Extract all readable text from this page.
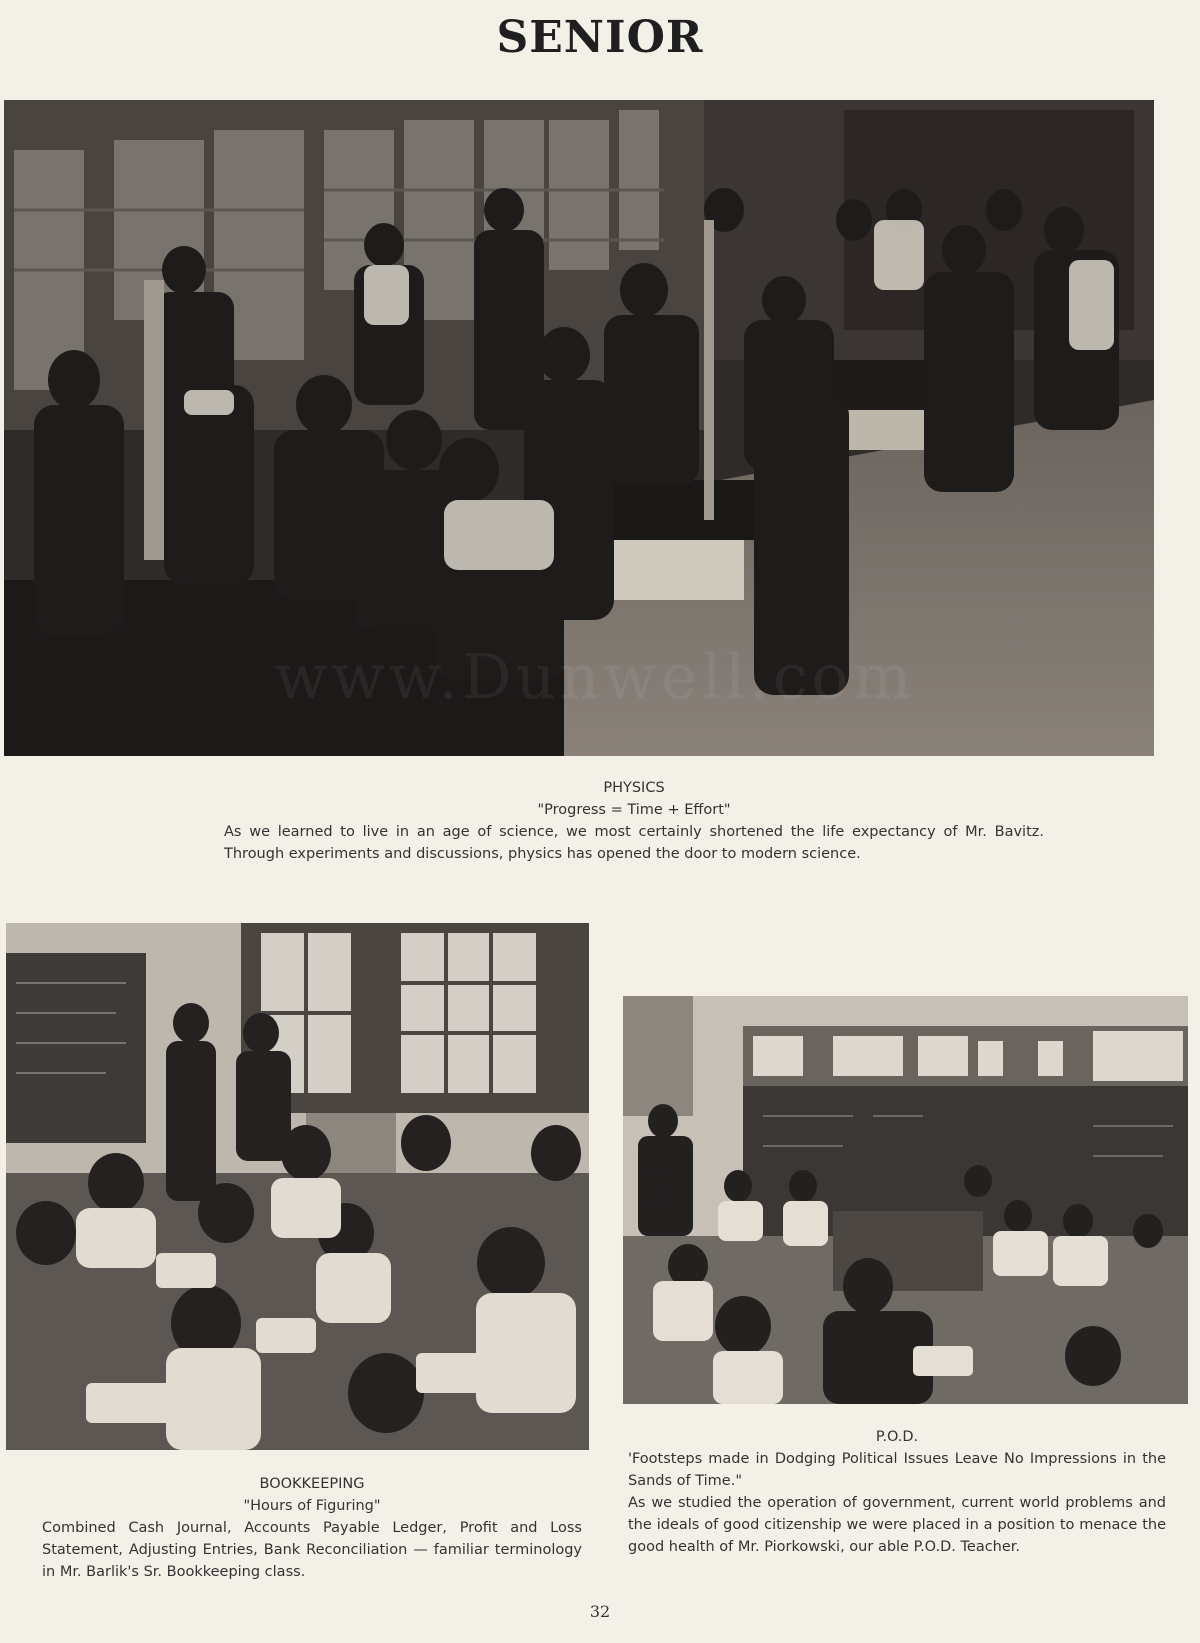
SENIOR
PHYSICS
"Progress = Time + Effort"
As we learned to live in an age of science, we most certainly shortened the life expectancy of Mr. Bavitz. Through experiments and discussions, physics has opened the door to modern science.
BOOKKEEPING
"Hours of Figuring"
Combined Cash Journal, Accounts Payable Ledger, Profit and Loss Statement, Adjusting Entries, Bank Reconciliation — familiar terminology in Mr. Barlik's Sr. Bookkeeping class.
P.O.D.
'Footsteps made in Dodging Political Issues Leave No Impressions in the Sands of Time."
As we studied the operation of government, current world problems and the ideals of good citizenship we were placed in a position to menace the good health of Mr. Piorkowski, our able P.O.D. Teacher.
www.Dunwell.com
32
